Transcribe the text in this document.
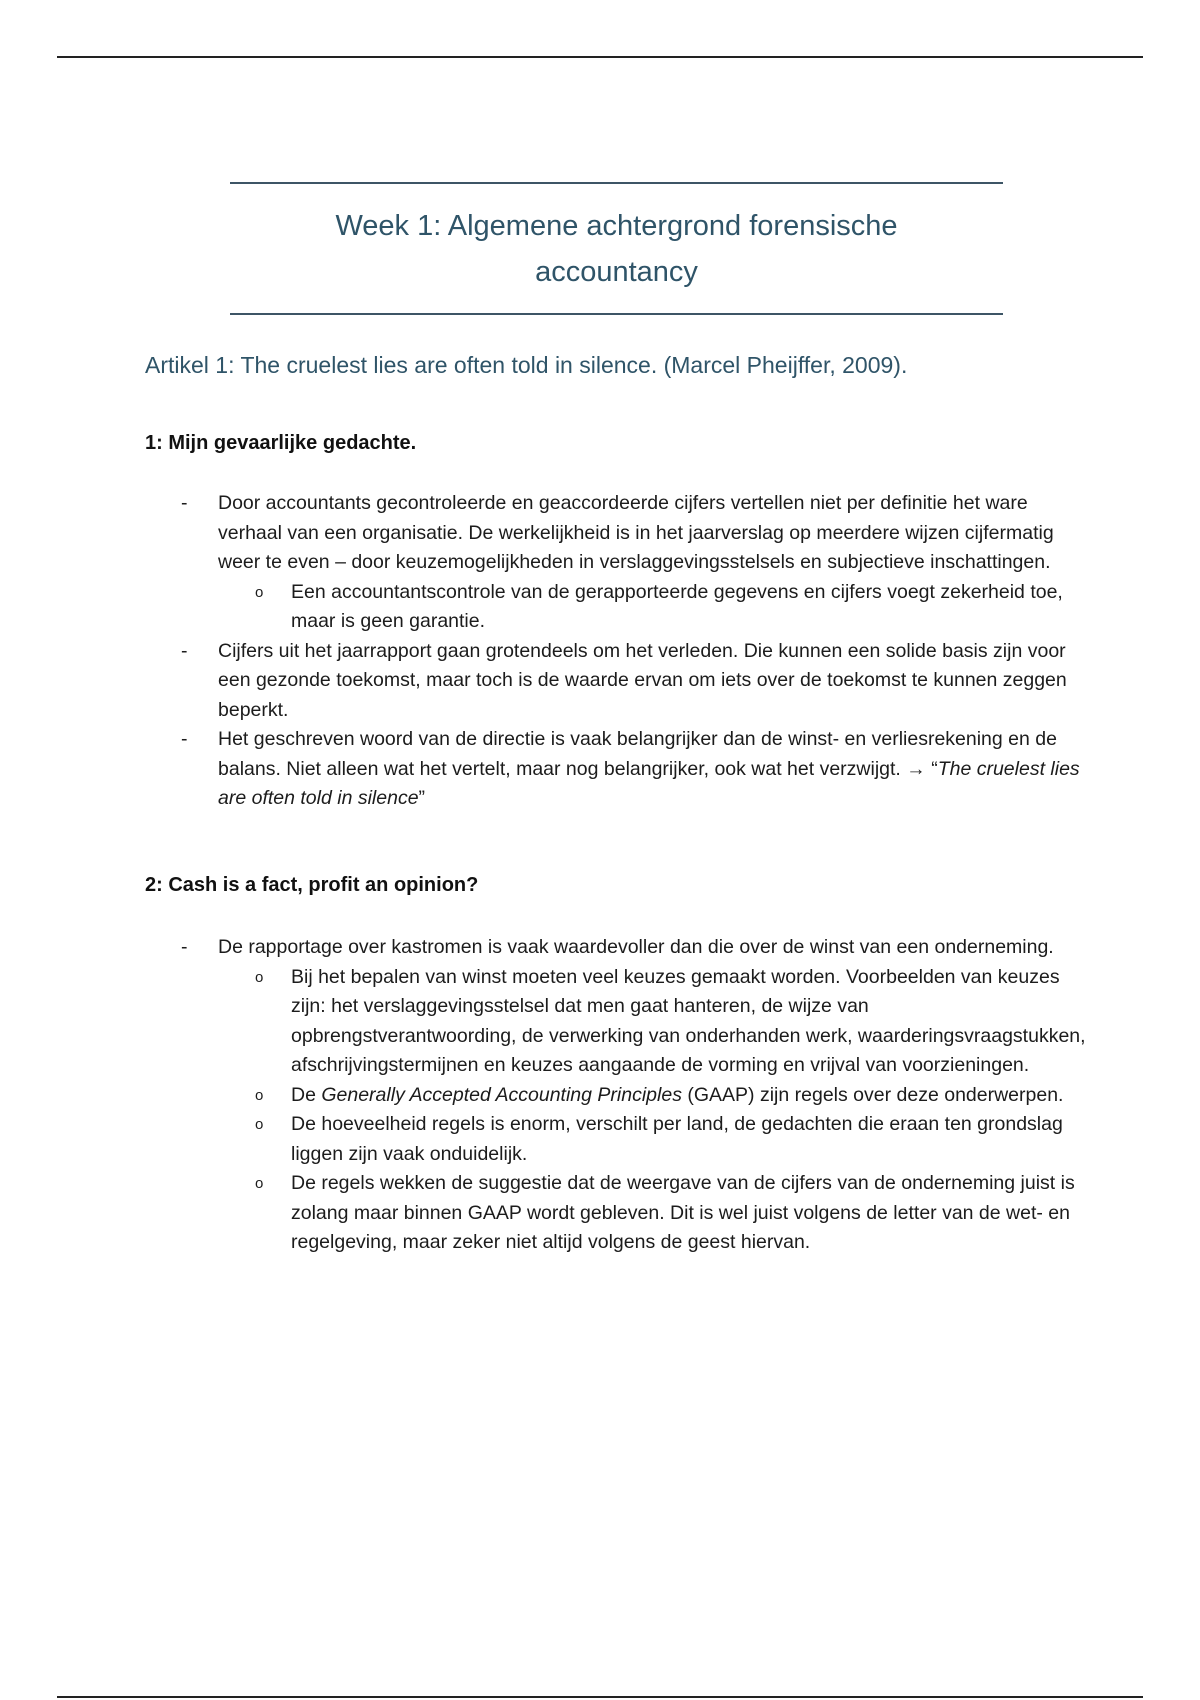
Week 1: Algemene achtergrond forensische
accountancy
Artikel 1: The cruelest lies are often told in silence. (Marcel Pheijffer, 2009).
1: Mijn gevaarlijke gedachte.
- Door accountants gecontroleerde en geaccordeerde cijfers vertellen niet per definitie het ware verhaal van een organisatie. De werkelijkheid is in het jaarverslag op meerdere wijzen cijfermatig weer te even – door keuzemogelijkheden in verslaggevingsstelsels en subjectieve inschattingen.
o Een accountantscontrole van de gerapporteerde gegevens en cijfers voegt zekerheid toe, maar is geen garantie.
- Cijfers uit het jaarrapport gaan grotendeels om het verleden. Die kunnen een solide basis zijn voor een gezonde toekomst, maar toch is de waarde ervan om iets over de toekomst te kunnen zeggen beperkt.
- Het geschreven woord van de directie is vaak belangrijker dan de winst- en verliesrekening en de balans. Niet alleen wat het vertelt, maar nog belangrijker, ook wat het verzwijgt. → “The cruelest lies are often told in silence”
2: Cash is a fact, profit an opinion?
- De rapportage over kastromen is vaak waardevoller dan die over de winst van een onderneming.
o Bij het bepalen van winst moeten veel keuzes gemaakt worden. Voorbeelden van keuzes zijn: het verslaggevingsstelsel dat men gaat hanteren, de wijze van opbrengstverantwoording, de verwerking van onderhanden werk, waarderingsvraagstukken, afschrijvingstermijnen en keuzes aangaande de vorming en vrijval van voorzieningen.
o De Generally Accepted Accounting Principles (GAAP) zijn regels over deze onderwerpen.
o De hoeveelheid regels is enorm, verschilt per land, de gedachten die eraan ten grondslag liggen zijn vaak onduidelijk.
o De regels wekken de suggestie dat de weergave van de cijfers van de onderneming juist is zolang maar binnen GAAP wordt gebleven. Dit is wel juist volgens de letter van de wet- en regelgeving, maar zeker niet altijd volgens de geest hiervan.
